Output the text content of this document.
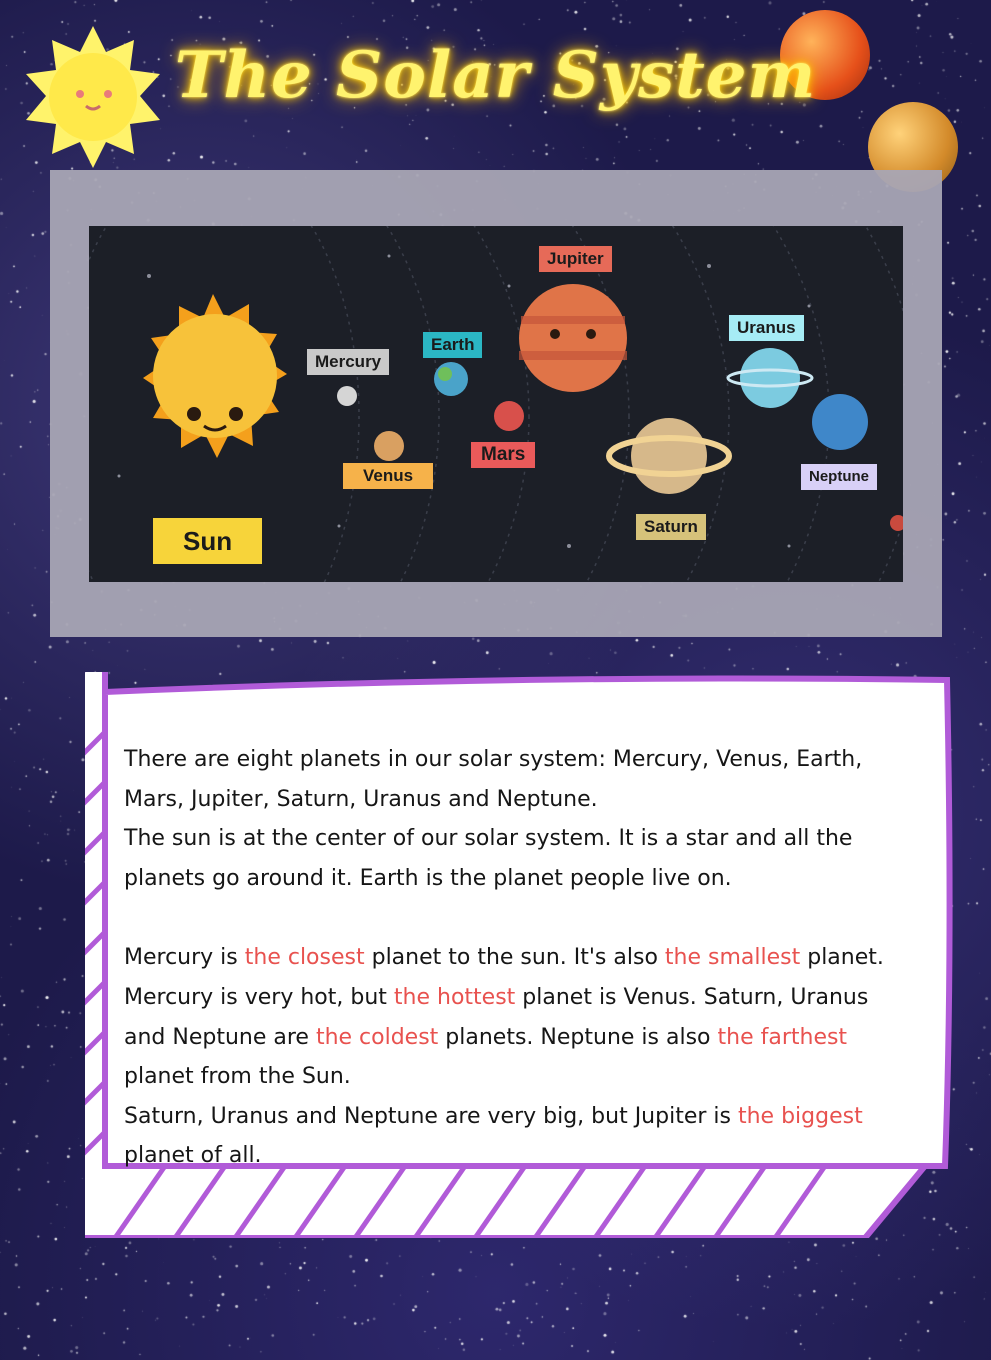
The Solar System
Sun
Mercury
Venus
Earth
Mars
Jupiter
Saturn
Uranus
Neptune

There are eight planets in our solar system: Mercury, Venus, Earth, Mars, Jupiter, Saturn, Uranus and Neptune.

The sun is at the center of our solar system. It is a star and all the planets go around it. Earth is the planet people live on.

Mercury is the closest planet to the sun. It's also the smallest planet. Mercury is very hot, but the hottest planet is Venus. Saturn, Uranus and Neptune are the coldest planets. Neptune is also the farthest planet from the Sun.

Saturn, Uranus and Neptune are very big, but Jupiter is the biggest planet of all.
